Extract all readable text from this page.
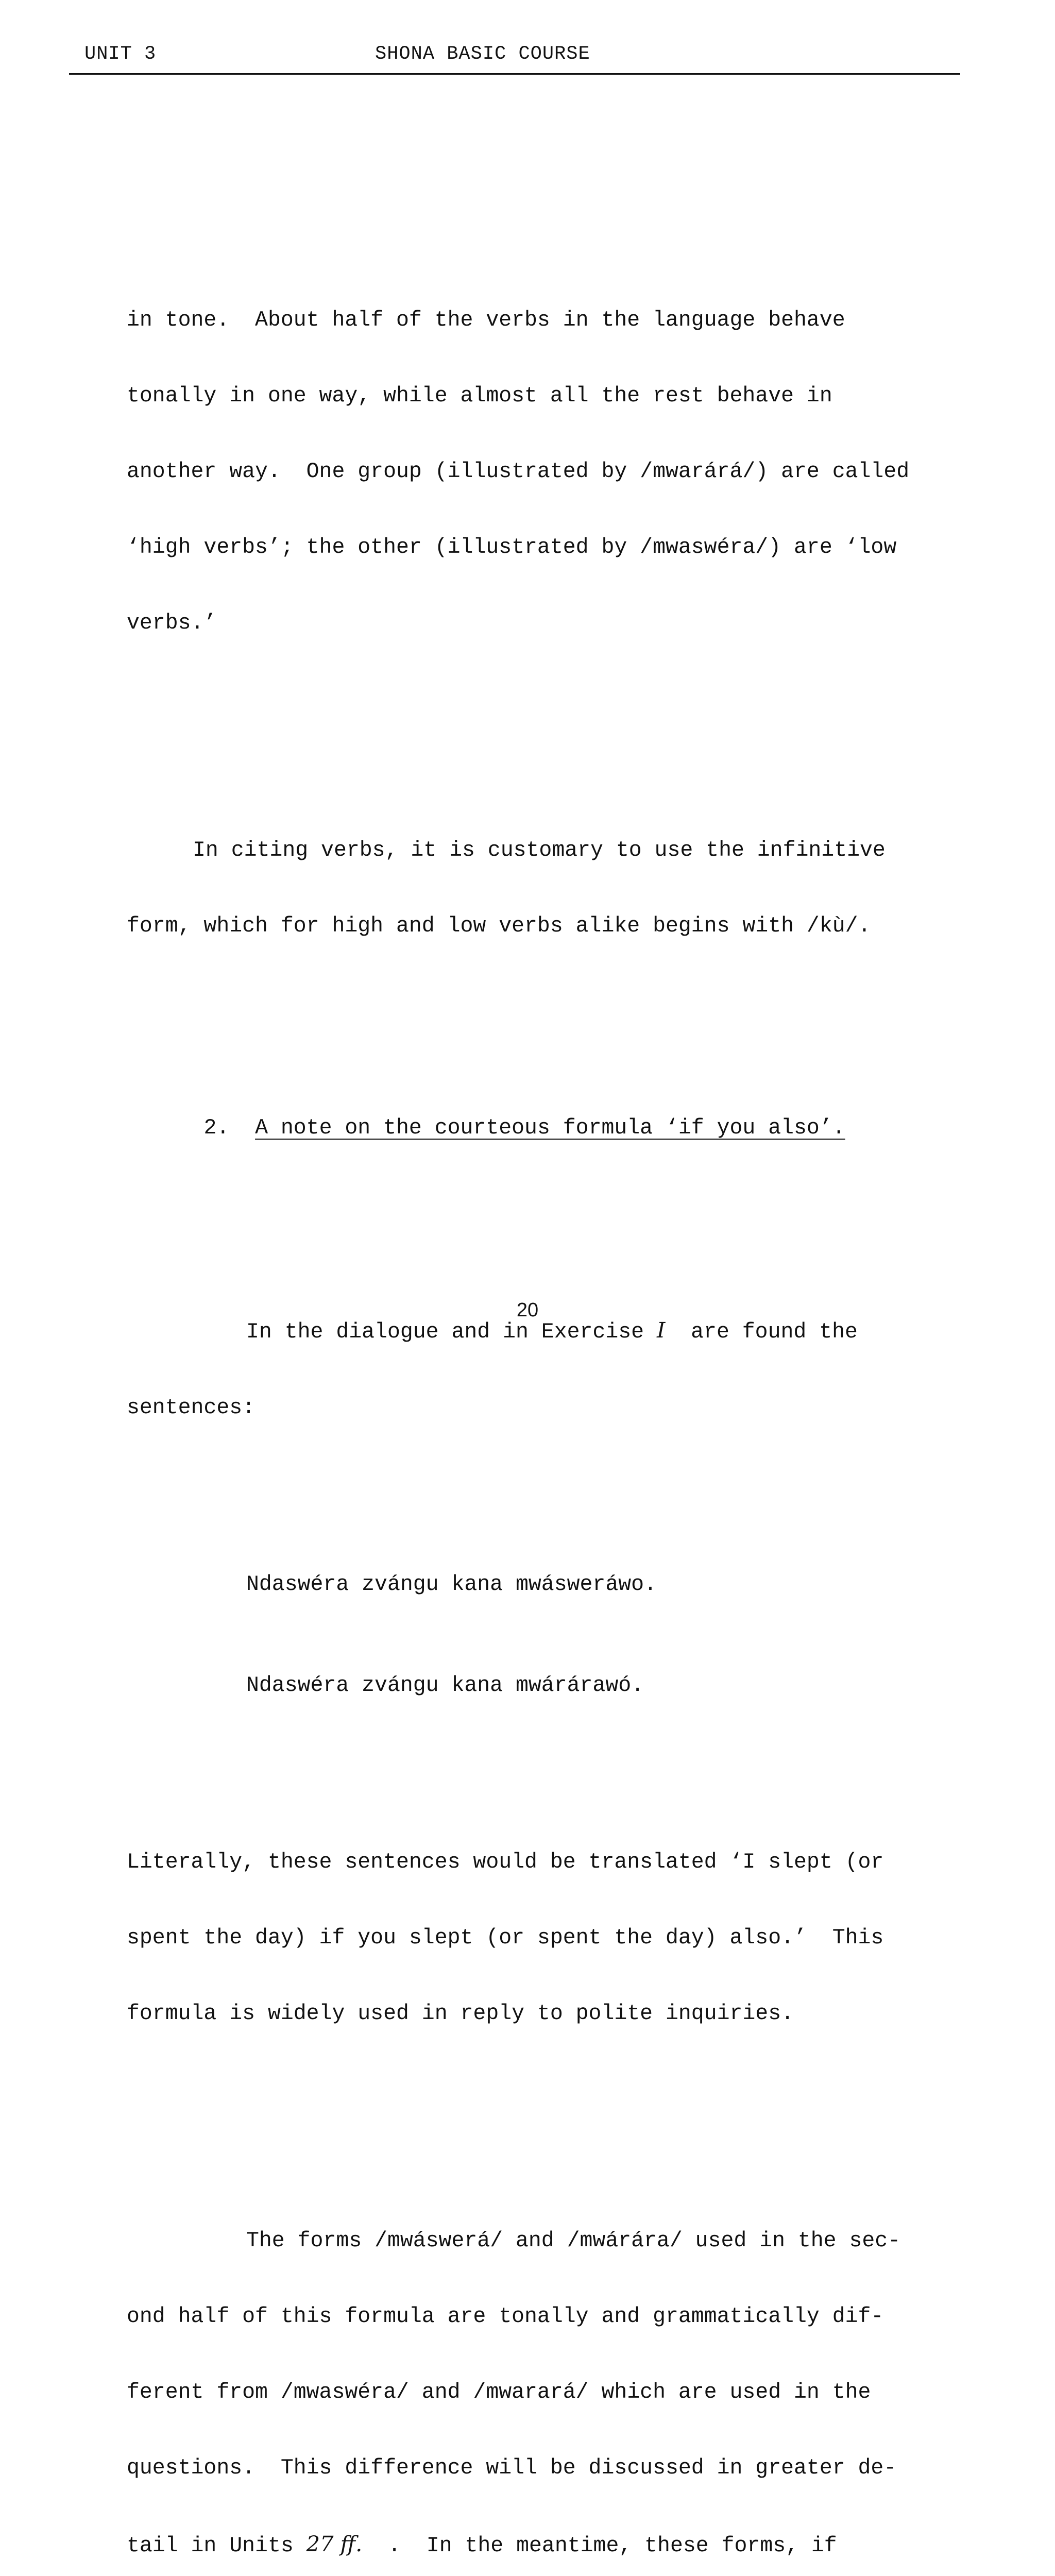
UNIT 3	SHONA BASIC COURSE

in tone.  About half of the verbs in the language behave

tonally in one way, while almost all the rest behave in

another way.  One group (illustrated by /mwarárá/) are called

‘high verbs’; the other (illustrated by /mwaswéra/) are ‘low

verbs.’

In citing verbs, it is customary to use the infinitive

form, which for high and low verbs alike begins with /kù/.

2. A note on the courteous formula ‘if you also’.

In the dialogue and in Exercise I  are found the

sentences:

Ndaswéra zvángu kana mwásweráwo.

Ndaswéra zvángu kana mwárárawó.

Literally, these sentences would be translated ‘I slept (or

spent the day) if you slept (or spent the day) also.’  This

formula is widely used in reply to polite inquiries.

The forms /mwáswerá/ and /mwárára/ used in the sec-

ond half of this formula are tonally and grammatically dif-

ferent from /mwaswéra/ and /mwarará/ which are used in the

questions.  This difference will be discussed in greater de-

tail in Units 27 ff.  .  In the meantime, these forms, if

20
